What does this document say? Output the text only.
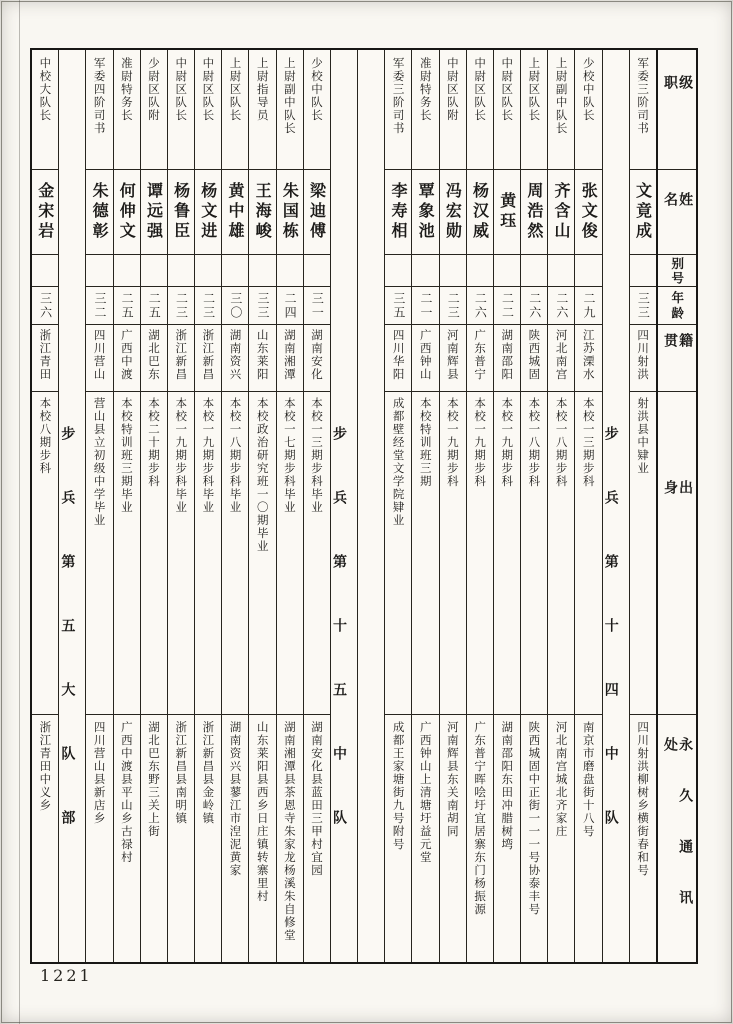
级职
姓名
别号
年龄
籍贯
出身
永久通讯处
军委三阶司书
文竟成
三三
四川射洪
射洪县中肄业
四川射洪柳树乡横街春和号
步兵第十四中队
少校中队长
张文俊
二九
江苏溧水
本校一三期步科
南京市磨盘街十八号
上尉副中队长
齐含山
二六
河北南宫
本校一八期步科
河北南宫城北齐家庄
上尉区队长
周浩然
二六
陕西城固
本校一八期步科
陕西城固中正街一一一号协泰丰号
中尉区队长
黄珏
二二
湖南邵阳
本校一九期步科
湖南邵阳东田冲腊树塆
中尉区队长
杨汉威
二六
广东普宁
本校一九期步科
广东普宁晖哙圩宜居寨东门杨振源
中尉区队附
冯宏勋
二三
河南辉县
本校一九期步科
河南辉县东关南胡同
准尉特务长
覃象池
二一
广西钟山
本校特训班三期
广西钟山上清塘圩益元堂
军委三阶司书
李寿相
三五
四川华阳
成都壁经堂文学院肄业
成都王家塘街九号附号
步兵第十五中队
少校中队长
梁迪傅
三一
湖南安化
本校一三期步科毕业
湖南安化县蓝田三甲村宜园
上尉副中队长
朱国栋
二四
湖南湘潭
本校一七期步科毕业
湖南湘潭县茶恩寺朱家龙杨溪朱自修堂
上尉指导员
王海峻
三三
山东莱阳
本校政治研究班一〇期毕业
山东莱阳县西乡日庄镇转寨里村
上尉区队长
黄中雄
三〇
湖南资兴
本校一八期步科毕业
湖南资兴县蓼江市湼泥黄家
中尉区队长
杨文进
二三
浙江新昌
本校一九期步科毕业
浙江新昌县金岭镇
中尉区队长
杨鲁臣
二三
浙江新昌
本校一九期步科毕业
浙江新昌县南明镇
少尉区队附
谭远强
二五
湖北巴东
本校二十期步科
湖北巴东野三关上街
准尉特务长
何伸文
二五
广西中渡
本校特训班三期毕业
广西中渡县平山乡古禄村
军委四阶司书
朱德彰
三二
四川营山
营山县立初级中学毕业
四川营山县新店乡
步兵第五大队部
中校大队长
金宋岩
三六
浙江青田
本校八期步科
浙江青田中义乡
1221
